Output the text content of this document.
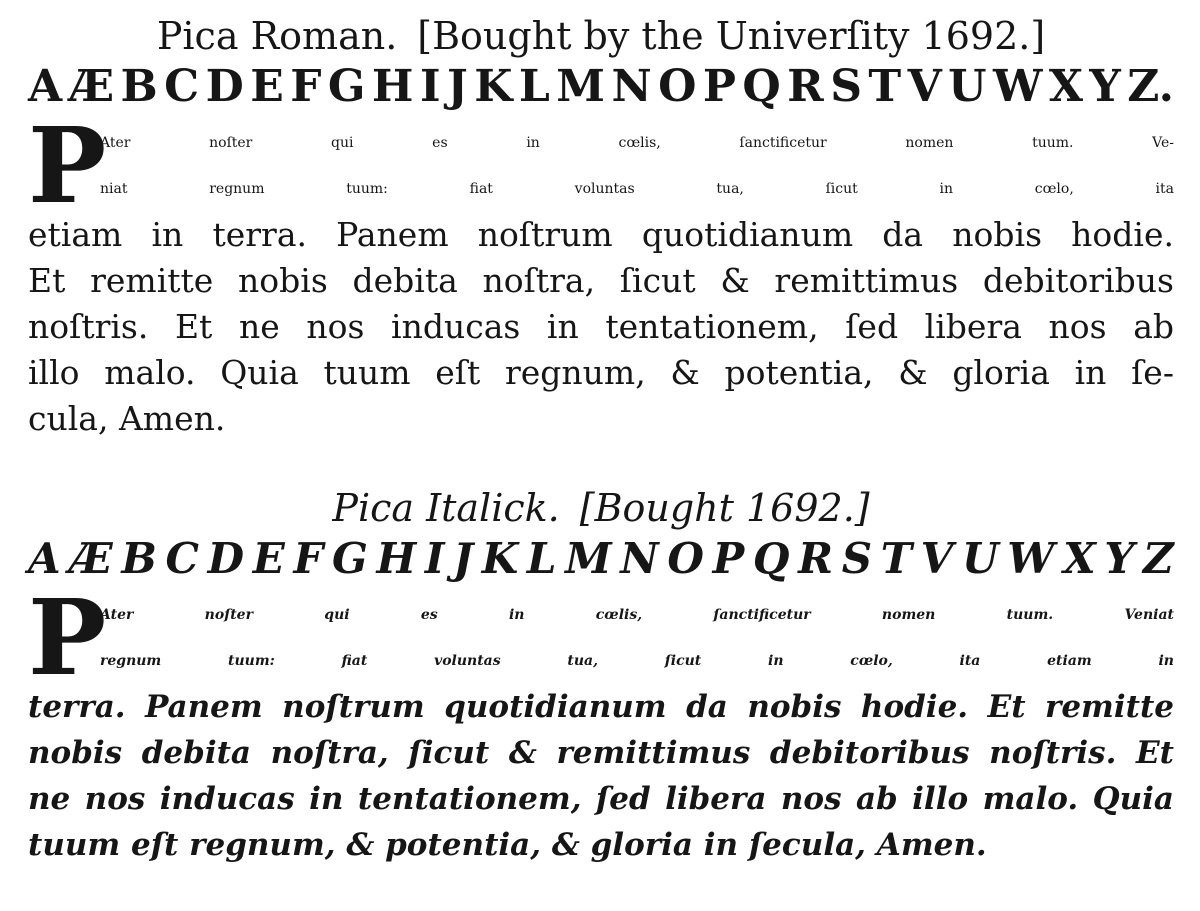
Pica Roman. [Bought by the Univerſity 1692.]
A Æ B C D E F G H I J K L M N O P Q R S T V U W X Y Z.
P
Ater noſter qui es in cœlis, ſanctificetur nomen tuum. Ve-
niat regnum tuum: fiat voluntas tua, ſicut in cœlo, ita
etiam in terra. Panem noſtrum quotidianum da nobis hodie.
Et remitte nobis debita noſtra, ſicut & remittimus debitoribus
noſtris. Et ne nos inducas in tentationem, ſed libera nos ab
illo malo. Quia tuum eſt regnum, & potentia, & gloria in ſe-
cula, Amen.
Pica Italick. [Bought 1692.]
A Æ B C D E F G H I J K L M N O P Q R S T V U W X Y Z
P
Ater noſter qui es in cœlis, ſanctificetur nomen tuum. Veniat
regnum tuum: fiat voluntas tua, ſicut in cœlo, ita etiam in
terra. Panem noſtrum quotidianum da nobis hodie. Et remitte
nobis debita noſtra, ſicut & remittimus debitoribus noſtris. Et
ne nos inducas in tentationem, ſed libera nos ab illo malo. Quia
tuum eſt regnum, & potentia, & gloria in ſecula, Amen.
